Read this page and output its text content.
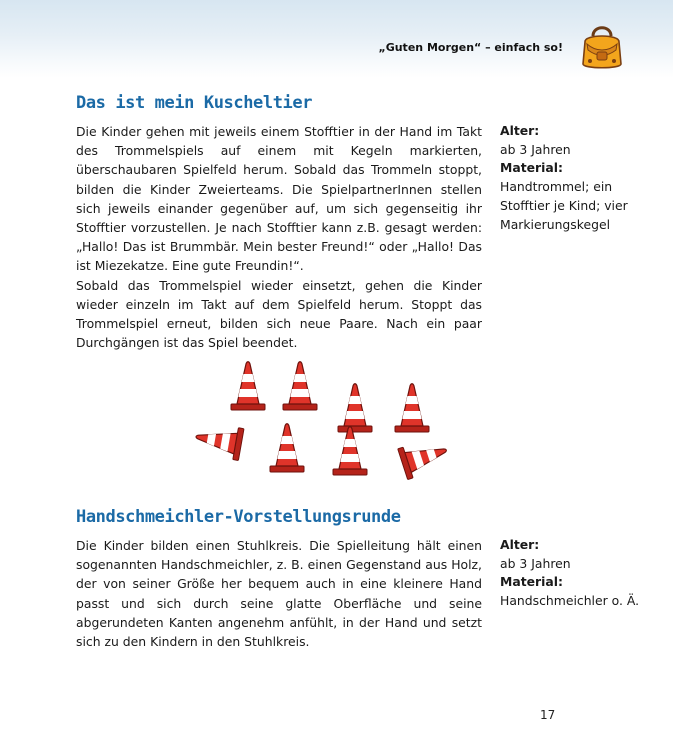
„Guten Morgen“ – einfach so!
Das ist mein Kuscheltier

Die Kinder gehen mit jeweils einem Stofftier in der Hand im Takt des Trommelspiels auf einem mit Kegeln markierten, überschaubaren Spielfeld herum. Sobald das Trommeln stoppt, bilden die Kinder Zweierteams. Die SpielpartnerInnen stellen sich jeweils einander gegenüber auf, um sich gegenseitig ihr Stofftier vorzustellen. Je nach Stofftier kann z.B. gesagt werden: „Hallo! Das ist Brummbär. Mein bester Freund!“ oder „Hallo! Das ist Miezekatze. Eine gute Freundin!“.

Sobald das Trommelspiel wieder einsetzt, gehen die Kinder wieder einzeln im Takt auf dem Spielfeld herum. Stoppt das Trommelspiel erneut, bilden sich neue Paare. Nach ein paar Durchgängen ist das Spiel beendet.

Alter:
ab 3 Jahren
Material:
Handtrommel; ein Stofftier je Kind; vier Markierungskegel
Handschmeichler-Vorstellungsrunde

Die Kinder bilden einen Stuhlkreis. Die Spielleitung hält einen sogenannten Handschmeichler, z. B. einen Gegenstand aus Holz, der von seiner Größe her bequem auch in eine kleinere Hand passt und sich durch seine glatte Oberfläche und seine abgerundeten Kanten angenehm anfühlt, in der Hand und setzt sich zu den Kindern in den Stuhlkreis.

Alter:
ab 3 Jahren
Material:
Handschmeichler o. Ä.
17
